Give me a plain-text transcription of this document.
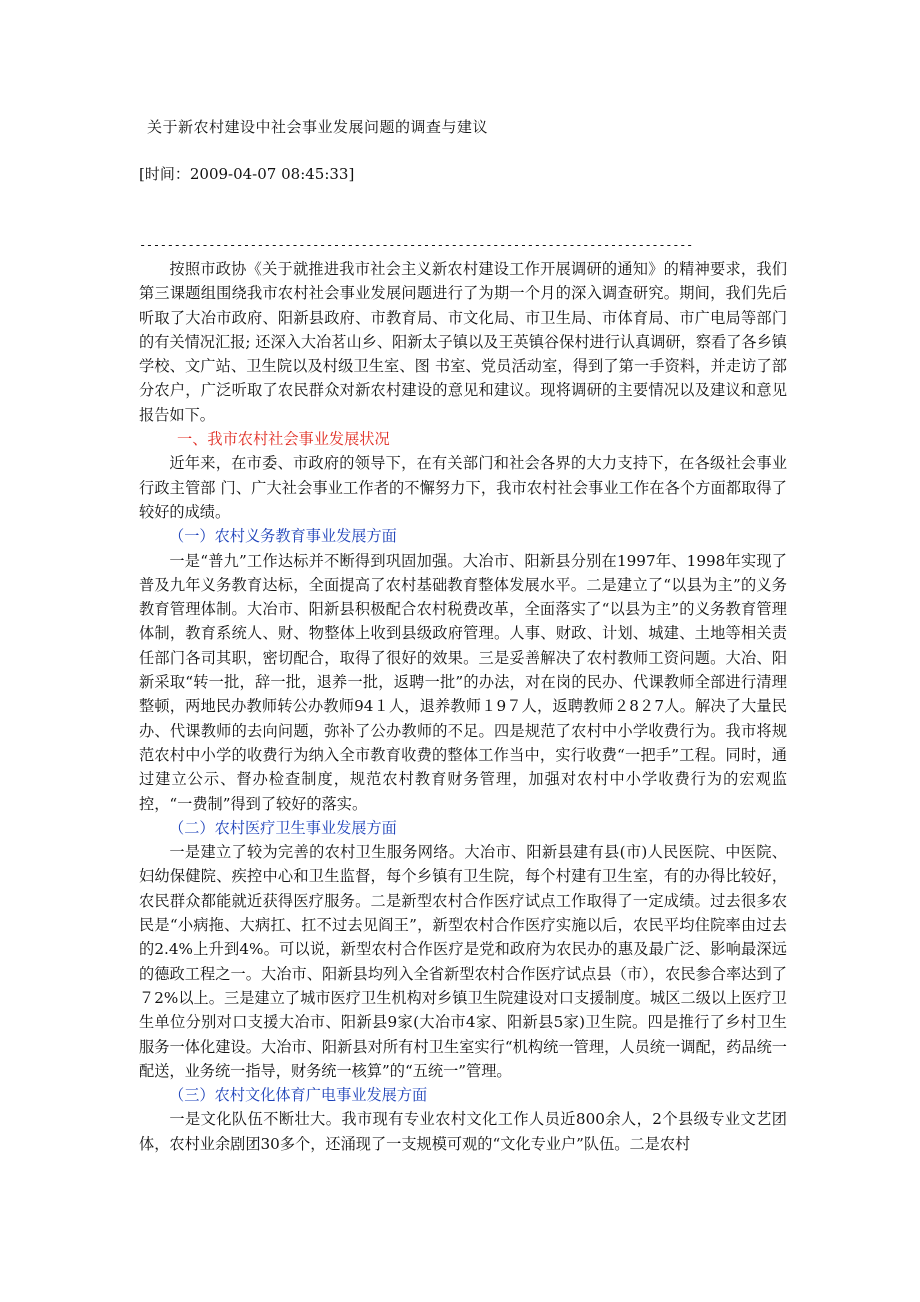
关于新农村建设中社会事业发展问题的调查与建议
[时间：2009-04-07 08:45:33]
--------------------------------------------------------------------------------

按照市政协《关于就推进我市社会主义新农村建设工作开展调研的通知》的精神要求，我们第三课题组围绕我市农村社会事业发展问题进行了为期一个月的深入调查研究。期间，我们先后听取了大冶市政府、阳新县政府、市教育局、市文化局、市卫生局、市体育局、市广电局等部门的有关情况汇报; 还深入大冶茗山乡、阳新太子镇以及王英镇谷保村进行认真调研，察看了各乡镇学校、文广站、卫生院以及村级卫生室、图 书室、党员活动室，得到了第一手资料，并走访了部分农户，广泛听取了农民群众对新农村建设的意见和建议。现将调研的主要情况以及建议和意见报告如下。

一、我市农村社会事业发展状况

近年来，在市委、市政府的领导下，在有关部门和社会各界的大力支持下，在各级社会事业行政主管部 门、广大社会事业工作者的不懈努力下，我市农村社会事业工作在各个方面都取得了较好的成绩。

（一）农村义务教育事业发展方面

一是“普九”工作达标并不断得到巩固加强。大冶市、阳新县分别在1997年、1998年实现了普及九年义务教育达标，全面提高了农村基础教育整体发展水平。二是建立了“以县为主”的义务教育管理体制。大冶市、阳新县积极配合农村税费改革，全面落实了“以县为主”的义务教育管理体制，教育系统人、财、物整体上收到县级政府管理。人事、财政、计划、城建、土地等相关责任部门各司其职，密切配合，取得了很好的效果。三是妥善解决了农村教师工资问题。大冶、阳新采取“转一批，辞一批，退养一批，返聘一批”的办法，对在岗的民办、代课教师全部进行清理整顿，两地民办教师转公办教师94１人，退养教师１9７人，返聘教师２8２7人。解决了大量民办、代课教师的去向问题，弥补了公办教师的不足。四是规范了农村中小学收费行为。我市将规范农村中小学的收费行为纳入全市教育收费的整体工作当中，实行收费“一把手”工程。同时，通过建立公示、督办检查制度，规范农村教育财务管理，加强对农村中小学收费行为的宏观监控，“一费制”得到了较好的落实。

（二）农村医疗卫生事业发展方面

一是建立了较为完善的农村卫生服务网络。大冶市、阳新县建有县(市)人民医院、中医院、妇幼保健院、疾控中心和卫生监督，每个乡镇有卫生院，每个村建有卫生室，有的办得比较好，农民群众都能就近获得医疗服务。二是新型农村合作医疗试点工作取得了一定成绩。过去很多农民是“小病拖、大病扛、扛不过去见阎王”，新型农村合作医疗实施以后，农民平均住院率由过去的2.4%上升到4%。可以说，新型农村合作医疗是党和政府为农民办的惠及最广泛、影响最深远的德政工程之一。大冶市、阳新县均列入全省新型农村合作医疗试点县（市），农民参合率达到了７2%以上。三是建立了城市医疗卫生机构对乡镇卫生院建设对口支援制度。城区二级以上医疗卫生单位分别对口支援大冶市、阳新县9家(大冶市4家、阳新县5家)卫生院。四是推行了乡村卫生服务一体化建设。大冶市、阳新县对所有村卫生室实行“机构统一管理，人员统一调配，药品统一配送，业务统一指导，财务统一核算”的“五统一”管理。

（三）农村文化体育广电事业发展方面

一是文化队伍不断壮大。我市现有专业农村文化工作人员近800余人，2个县级专业文艺团体，农村业余剧团30多个，还涌现了一支规模可观的“文化专业户”队伍。二是农村
